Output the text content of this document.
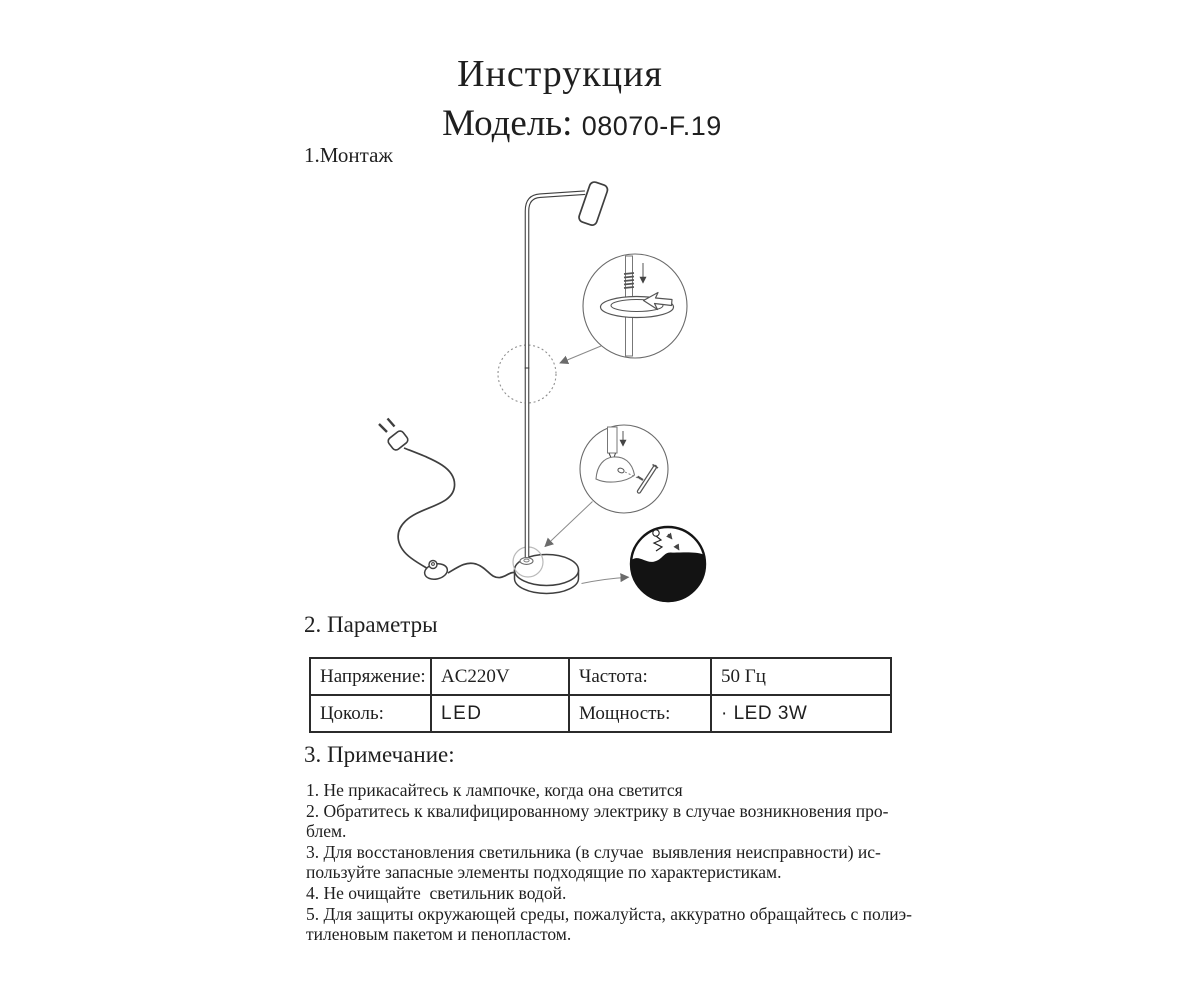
Инструкция
Модель: 08070-F.19
1.Монтаж
2. Параметры
Напряжение:	AC220V	Частота:	50 Гц
Цоколь:	LED	Мощность:	· LED 3W
3. Примечание:
1. Не прикасайтесь к лампочке, когда она светится
2. Обратитесь к квалифицированному электрику в случае возникновения про-
блем.
3. Для восстановления светильника (в случае  выявления неисправности) ис-
пользуйте запасные элементы подходящие по характеристикам.
4. Не очищайте  светильник водой.
5. Для защиты окружающей среды, пожалуйста, аккуратно обращайтесь с полиэ-
тиленовым пакетом и пенопластом.
